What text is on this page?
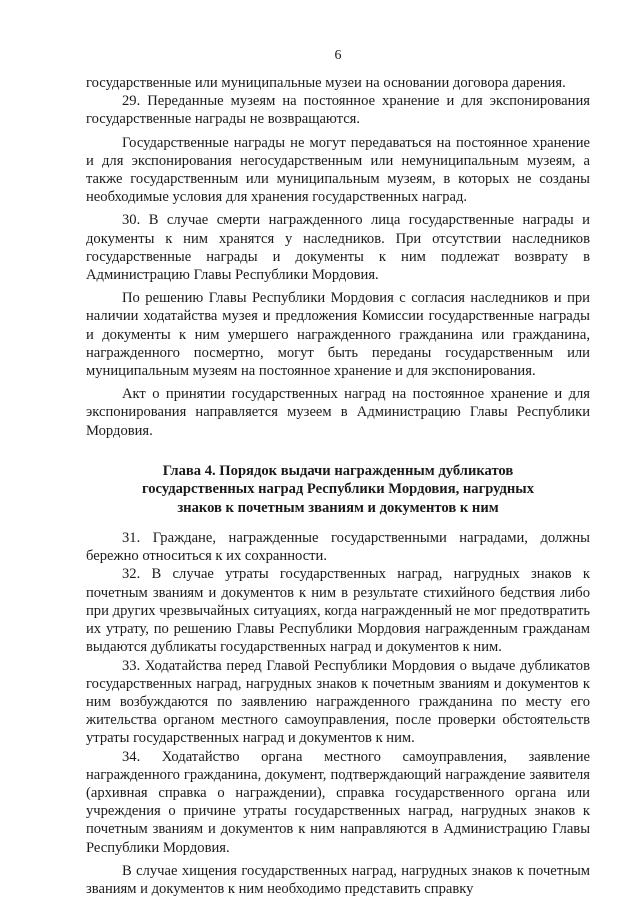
6

государственные или муниципальные музеи на основании договора дарения.

29. Переданные музеям на постоянное хранение и для экспонирования государственные награды не возвращаются.

Государственные награды не могут передаваться на постоянное хранение и для экспонирования негосударственным или немуниципальным музеям, а также государственным или муниципальным музеям, в которых не созданы необходимые условия для хранения государственных наград.

30. В случае смерти награжденного лица государственные награды и документы к ним хранятся у наследников. При отсутствии наследников государственные награды и документы к ним подлежат возврату в Администрацию Главы Республики Мордовия.

По решению Главы Республики Мордовия с согласия наследников и при наличии ходатайства музея и предложения Комиссии государственные награды и документы к ним умершего награжденного гражданина или гражданина, награжденного посмертно, могут быть переданы государственным или муниципальным музеям на постоянное хранение и для экспонирования.

Акт о принятии государственных наград на постоянное хранение и для экспонирования направляется музеем в Администрацию Главы Республики Мордовия.

Глава 4. Порядок выдачи награжденным дубликатов государственных наград Республики Мордовия, нагрудных знаков к почетным званиям и документов к ним

31. Граждане, награжденные государственными наградами, должны бережно относиться к их сохранности.

32. В случае утраты государственных наград, нагрудных знаков к почетным званиям и документов к ним в результате стихийного бедствия либо при других чрезвычайных ситуациях, когда награжденный не мог предотвратить их утрату, по решению Главы Республики Мордовия награжденным гражданам выдаются дубликаты государственных наград и документов к ним.

33. Ходатайства перед Главой Республики Мордовия о выдаче дубликатов государственных наград, нагрудных знаков к почетным званиям и документов к ним возбуждаются по заявлению награжденного гражданина по месту его жительства органом местного самоуправления, после проверки обстоятельств утраты государственных наград и документов к ним.

34. Ходатайство органа местного самоуправления, заявление награжденного гражданина, документ, подтверждающий награждение заявителя (архивная справка о награждении), справка государственного органа или учреждения о причине утраты государственных наград, нагрудных знаков к почетным званиям и документов к ним направляются в Администрацию Главы Республики Мордовия.

В случае хищения государственных наград, нагрудных знаков к почетным званиям и документов к ним необходимо представить справку
